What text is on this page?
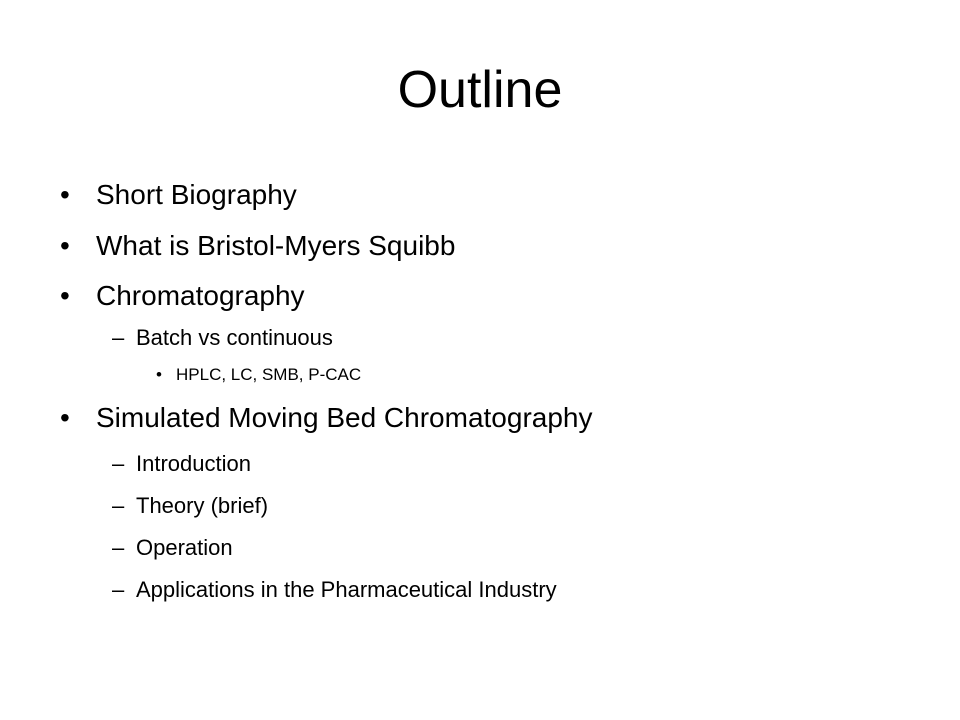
Outline
• Short Biography
• What is Bristol-Myers Squibb
• Chromatography
– Batch vs continuous
• HPLC, LC, SMB, P-CAC
• Simulated Moving Bed Chromatography
– Introduction
– Theory (brief)
– Operation
– Applications in the Pharmaceutical Industry
